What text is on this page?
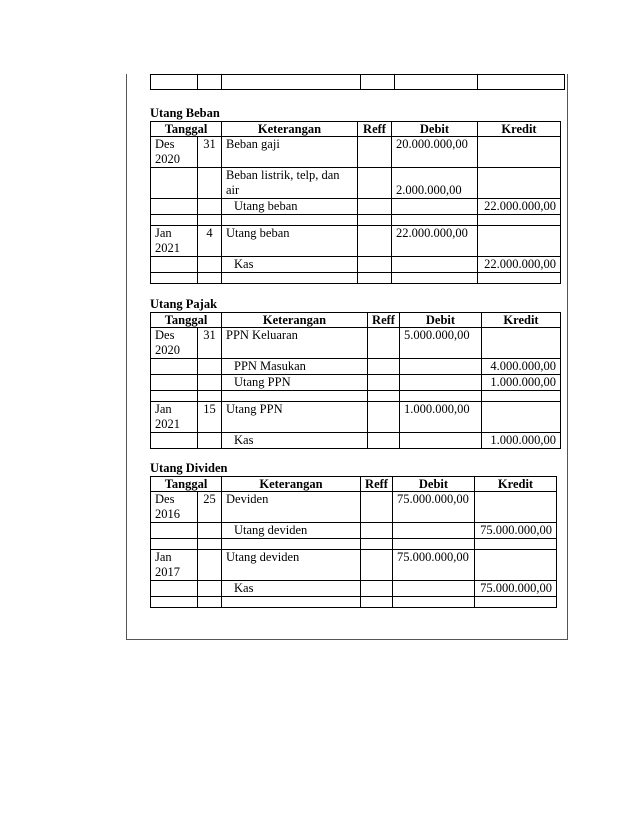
Utang Beban
Tanggal		Keterangan	Reff	Debit	Kredit
Des
2020	31	Beban gaji		20.000.000,00	
		Beban listrik, telp, dan air		2.000.000,00	
		Utang beban			22.000.000,00

Jan
2021	4	Utang beban		22.000.000,00	
		Kas			22.000.000,00

Utang Pajak
Tanggal		Keterangan	Reff	Debit	Kredit
Des
2020	31	PPN Keluaran		5.000.000,00	
		PPN Masukan			4.000.000,00
		Utang PPN			1.000.000,00

Jan
2021	15	Utang PPN		1.000.000,00	
		Kas			1.000.000,00
Utang Dividen
Tanggal		Keterangan	Reff	Debit	Kredit
Des
2016	25	Deviden		75.000.000,00	
		Utang deviden			75.000.000,00

Jan
2017		Utang deviden		75.000.000,00	
		Kas			75.000.000,00
